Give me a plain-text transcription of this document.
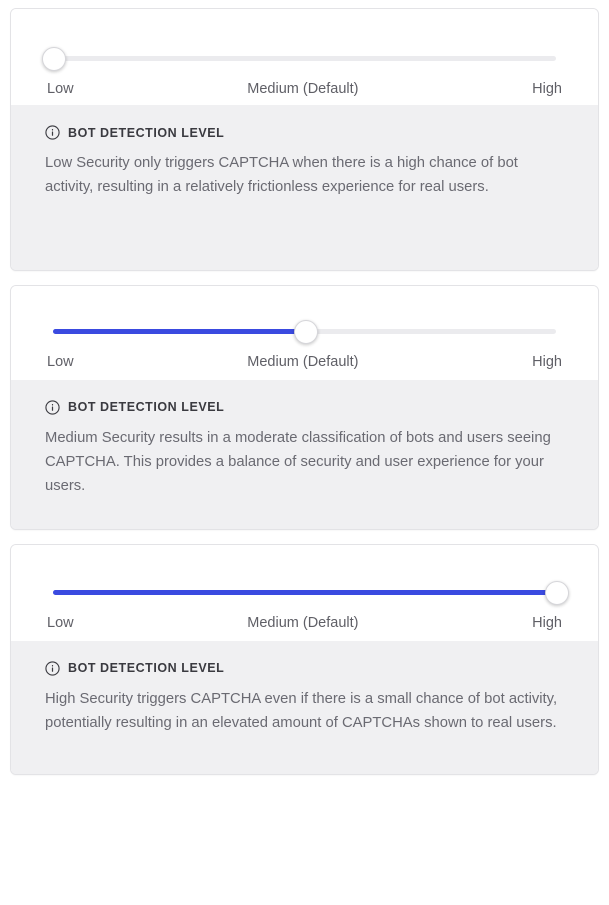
Low	Medium (Default)	High
BOT DETECTION LEVEL
Low Security only triggers CAPTCHA when there is a high chance of bot activity, resulting in a relatively frictionless experience for real users.
Low	Medium (Default)	High
BOT DETECTION LEVEL
Medium Security results in a moderate classification of bots and users seeing CAPTCHA. This provides a balance of security and user experience for your users.
Low	Medium (Default)	High
BOT DETECTION LEVEL
High Security triggers CAPTCHA even if there is a small chance of bot activity, potentially resulting in an elevated amount of CAPTCHAs shown to real users.
